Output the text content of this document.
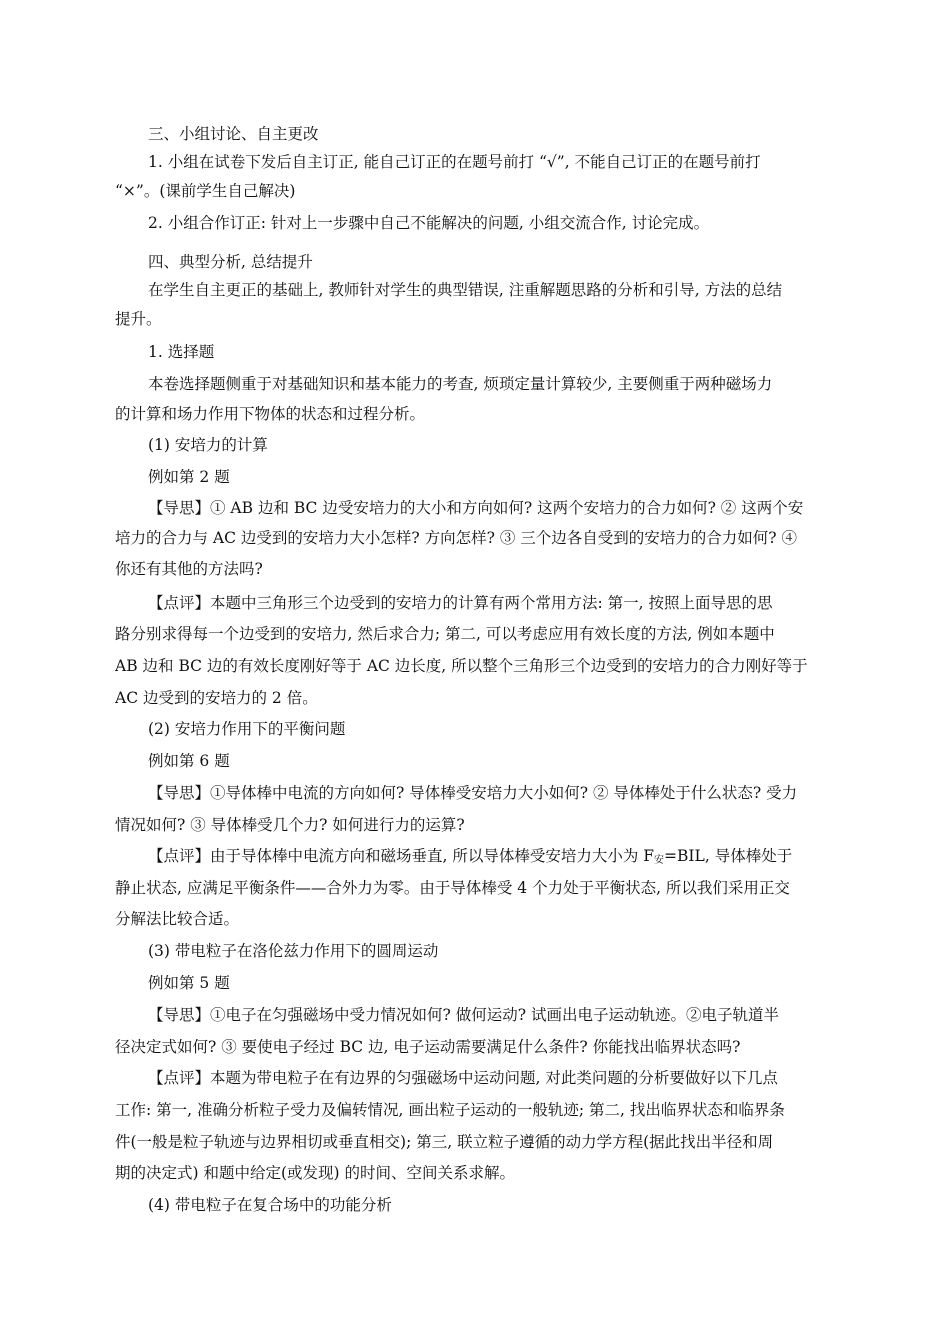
三、小组讨论、自主更改
1. 小组在试卷下发后自主订正, 能自己订正的在题号前打 “√”, 不能自己订正的在题号前打
“×”。(课前学生自己解决)
2. 小组合作订正: 针对上一步骤中自己不能解决的问题, 小组交流合作, 讨论完成。
四、典型分析, 总结提升
在学生自主更正的基础上, 教师针对学生的典型错误, 注重解题思路的分析和引导, 方法的总结
提升。
1. 选择题
本卷选择题侧重于对基础知识和基本能力的考查, 烦琐定量计算较少, 主要侧重于两种磁场力
的计算和场力作用下物体的状态和过程分析。
(1) 安培力的计算
例如第 2 题
【导思】① AB 边和 BC 边受安培力的大小和方向如何? 这两个安培力的合力如何? ② 这两个安
培力的合力与 AC 边受到的安培力大小怎样? 方向怎样? ③ 三个边各自受到的安培力的合力如何? ④
你还有其他的方法吗?
【点评】本题中三角形三个边受到的安培力的计算有两个常用方法: 第一, 按照上面导思的思
路分别求得每一个边受到的安培力, 然后求合力; 第二, 可以考虑应用有效长度的方法, 例如本题中
AB 边和 BC 边的有效长度刚好等于 AC 边长度, 所以整个三角形三个边受到的安培力的合力刚好等于
AC 边受到的安培力的 2 倍。
(2) 安培力作用下的平衡问题
例如第 6 题
【导思】①导体棒中电流的方向如何? 导体棒受安培力大小如何? ② 导体棒处于什么状态? 受力
情况如何? ③ 导体棒受几个力? 如何进行力的运算?
【点评】由于导体棒中电流方向和磁场垂直, 所以导体棒受安培力大小为 $F_安=BIL$, 导体棒处于
静止状态, 应满足平衡条件——合外力为零。由于导体棒受 4 个力处于平衡状态, 所以我们采用正交
分解法比较合适。
(3) 带电粒子在洛伦兹力作用下的圆周运动
例如第 5 题
【导思】①电子在匀强磁场中受力情况如何? 做何运动? 试画出电子运动轨迹。②电子轨道半
径决定式如何? ③ 要使电子经过 BC 边, 电子运动需要满足什么条件? 你能找出临界状态吗?
【点评】本题为带电粒子在有边界的匀强磁场中运动问题, 对此类问题的分析要做好以下几点
工作: 第一, 准确分析粒子受力及偏转情况, 画出粒子运动的一般轨迹; 第二, 找出临界状态和临界条
件(一般是粒子轨迹与边界相切或垂直相交); 第三, 联立粒子遵循的动力学方程(据此找出半径和周
期的决定式) 和题中给定(或发现) 的时间、空间关系求解。
(4) 带电粒子在复合场中的功能分析
